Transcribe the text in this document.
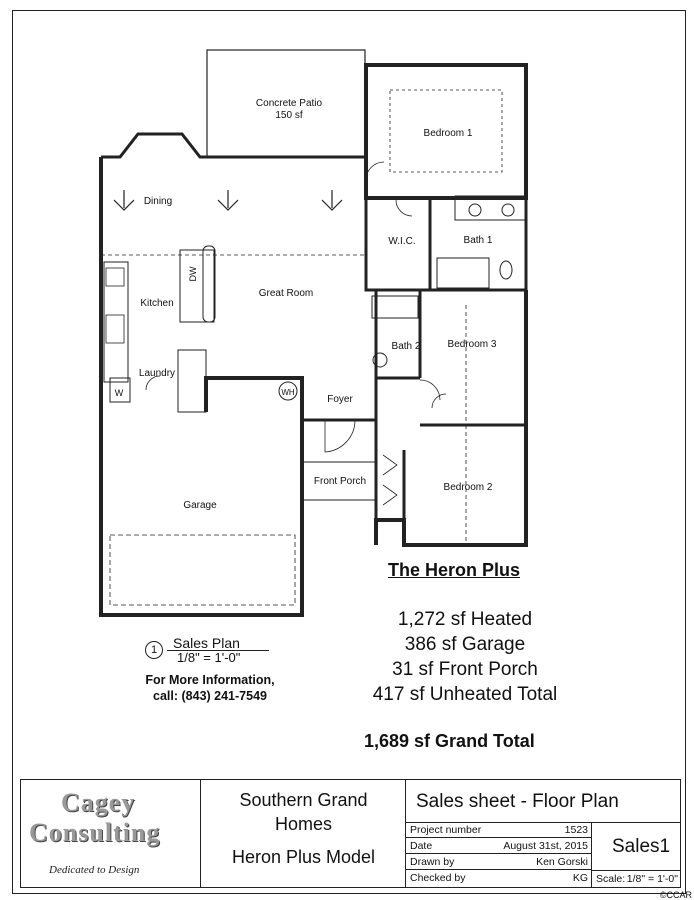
Concrete Patio
150 sf
Bedroom 1
Dining
W.I.C.	Bath 1
Kitchen
Great Room
DW
Bedroom 3
Bath 2
Laundry
W	WH
Foyer
Front Porch
Bedroom 2
Garage
The Heron Plus
1,272 sf Heated
386 sf Garage
31 sf Front Porch
417 sf Unheated Total
1,689 sf Grand Total
1	Sales Plan
1/8" = 1'-0"
For More Information,
call: (843) 241-7549
Cagey
Consulting
Dedicated to Design
Southern Grand
Homes
Heron Plus Model
Sales sheet - Floor Plan
Project number	1523
Date	August 31st, 2015
Drawn by	Ken Gorski
Checked by	KG
Sales1
Scale: 1/8" = 1'-0"
©CCAR
